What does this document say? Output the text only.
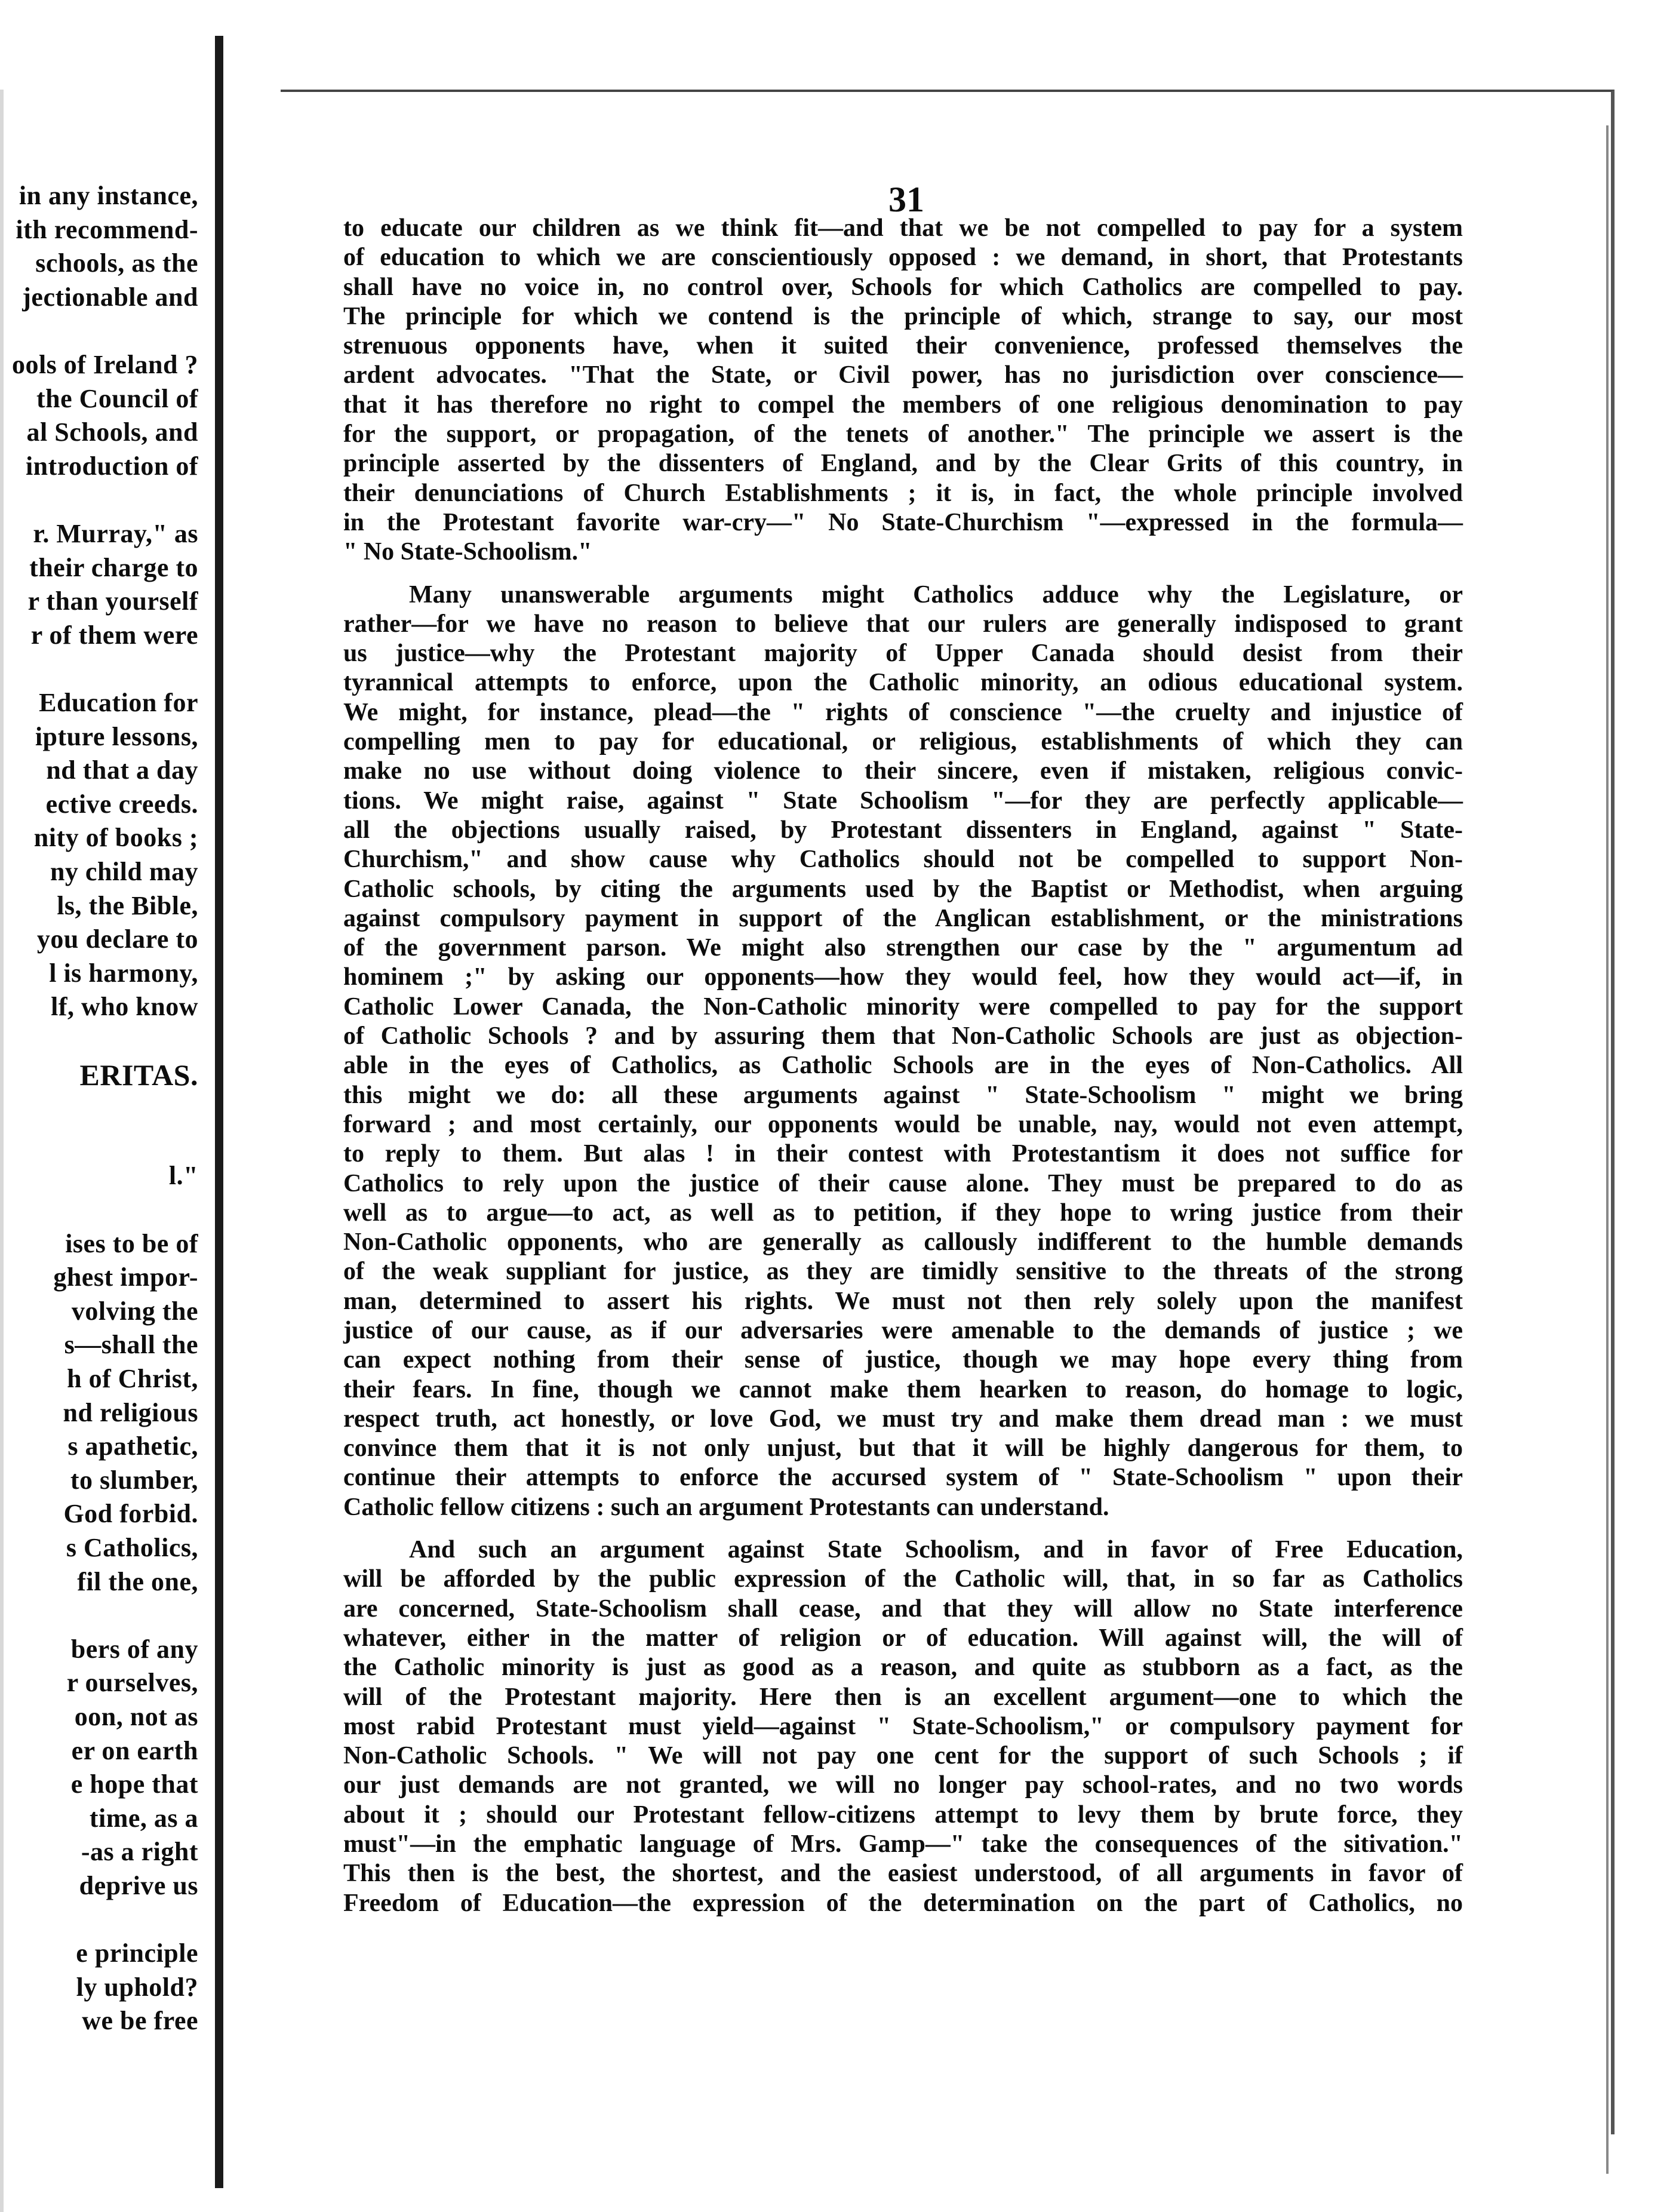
in any instance,
ith recommend-
schools, as the
jectionable and
ools of Ireland ?
the Council of
al Schools, and
introduction of
r. Murray," as
their charge to
r than yourself
r of them were
Education for
ipture lessons,
nd that a day
ective creeds.
nity of books ;
ny child may
ls, the Bible,
you declare to
l is harmony,
lf, who know
ERITAS.
l."
ises to be of
ghest impor-
volving the
s—shall the
h of Christ,
nd religious
s apathetic,
to slumber,
God forbid.
s Catholics,
fil the one,
bers of any
r ourselves,
oon, not as
er on earth
e hope that
time, as a
-as a right
deprive us
e principle
ly uphold?
we be free
31
to educate our children as we think fit—and that we be not compelled to pay for a system
of education to which we are conscientiously opposed : we demand, in short, that Protestants
shall have no voice in, no control over, Schools for which Catholics are compelled to pay.
The principle for which we contend is the principle of which, strange to say, our most
strenuous opponents have, when it suited their convenience, professed themselves the
ardent advocates. "That the State, or Civil power, has no jurisdiction over conscience—
that it has therefore no right to compel the members of one religious denomination to pay
for the support, or propagation, of the tenets of another." The principle we assert is the
principle asserted by the dissenters of England, and by the Clear Grits of this country, in
their denunciations of Church Establishments ; it is, in fact, the whole principle involved
in the Protestant favorite war-cry—" No State-Churchism "—expressed in the formula—
" No State-Schoolism."
Many unanswerable arguments might Catholics adduce why the Legislature, or
rather—for we have no reason to believe that our rulers are generally indisposed to grant
us justice—why the Protestant majority of Upper Canada should desist from their
tyrannical attempts to enforce, upon the Catholic minority, an odious educational system.
We might, for instance, plead—the " rights of conscience "—the cruelty and injustice of
compelling men to pay for educational, or religious, establishments of which they can
make no use without doing violence to their sincere, even if mistaken, religious convic-
tions. We might raise, against " State Schoolism "—for they are perfectly applicable—
all the objections usually raised, by Protestant dissenters in England, against " State-
Churchism," and show cause why Catholics should not be compelled to support Non-
Catholic schools, by citing the arguments used by the Baptist or Methodist, when arguing
against compulsory payment in support of the Anglican establishment, or the ministrations
of the government parson. We might also strengthen our case by the " argumentum ad
hominem ;" by asking our opponents—how they would feel, how they would act—if, in
Catholic Lower Canada, the Non-Catholic minority were compelled to pay for the support
of Catholic Schools ? and by assuring them that Non-Catholic Schools are just as objection-
able in the eyes of Catholics, as Catholic Schools are in the eyes of Non-Catholics. All
this might we do: all these arguments against " State-Schoolism " might we bring
forward ; and most certainly, our opponents would be unable, nay, would not even attempt,
to reply to them. But alas ! in their contest with Protestantism it does not suffice for
Catholics to rely upon the justice of their cause alone. They must be prepared to do as
well as to argue—to act, as well as to petition, if they hope to wring justice from their
Non-Catholic opponents, who are generally as callously indifferent to the humble demands
of the weak suppliant for justice, as they are timidly sensitive to the threats of the strong
man, determined to assert his rights. We must not then rely solely upon the manifest
justice of our cause, as if our adversaries were amenable to the demands of justice ; we
can expect nothing from their sense of justice, though we may hope every thing from
their fears. In fine, though we cannot make them hearken to reason, do homage to logic,
respect truth, act honestly, or love God, we must try and make them dread man : we must
convince them that it is not only unjust, but that it will be highly dangerous for them, to
continue their attempts to enforce the accursed system of " State-Schoolism " upon their
Catholic fellow citizens : such an argument Protestants can understand.
And such an argument against State Schoolism, and in favor of Free Education,
will be afforded by the public expression of the Catholic will, that, in so far as Catholics
are concerned, State-Schoolism shall cease, and that they will allow no State interference
whatever, either in the matter of religion or of education. Will against will, the will of
the Catholic minority is just as good as a reason, and quite as stubborn as a fact, as the
will of the Protestant majority. Here then is an excellent argument—one to which the
most rabid Protestant must yield—against " State-Schoolism," or compulsory payment for
Non-Catholic Schools. " We will not pay one cent for the support of such Schools ; if
our just demands are not granted, we will no longer pay school-rates, and no two words
about it ; should our Protestant fellow-citizens attempt to levy them by brute force, they
must"—in the emphatic language of Mrs. Gamp—" take the consequences of the sitivation."
This then is the best, the shortest, and the easiest understood, of all arguments in favor of
Freedom of Education—the expression of the determination on the part of Catholics, no
